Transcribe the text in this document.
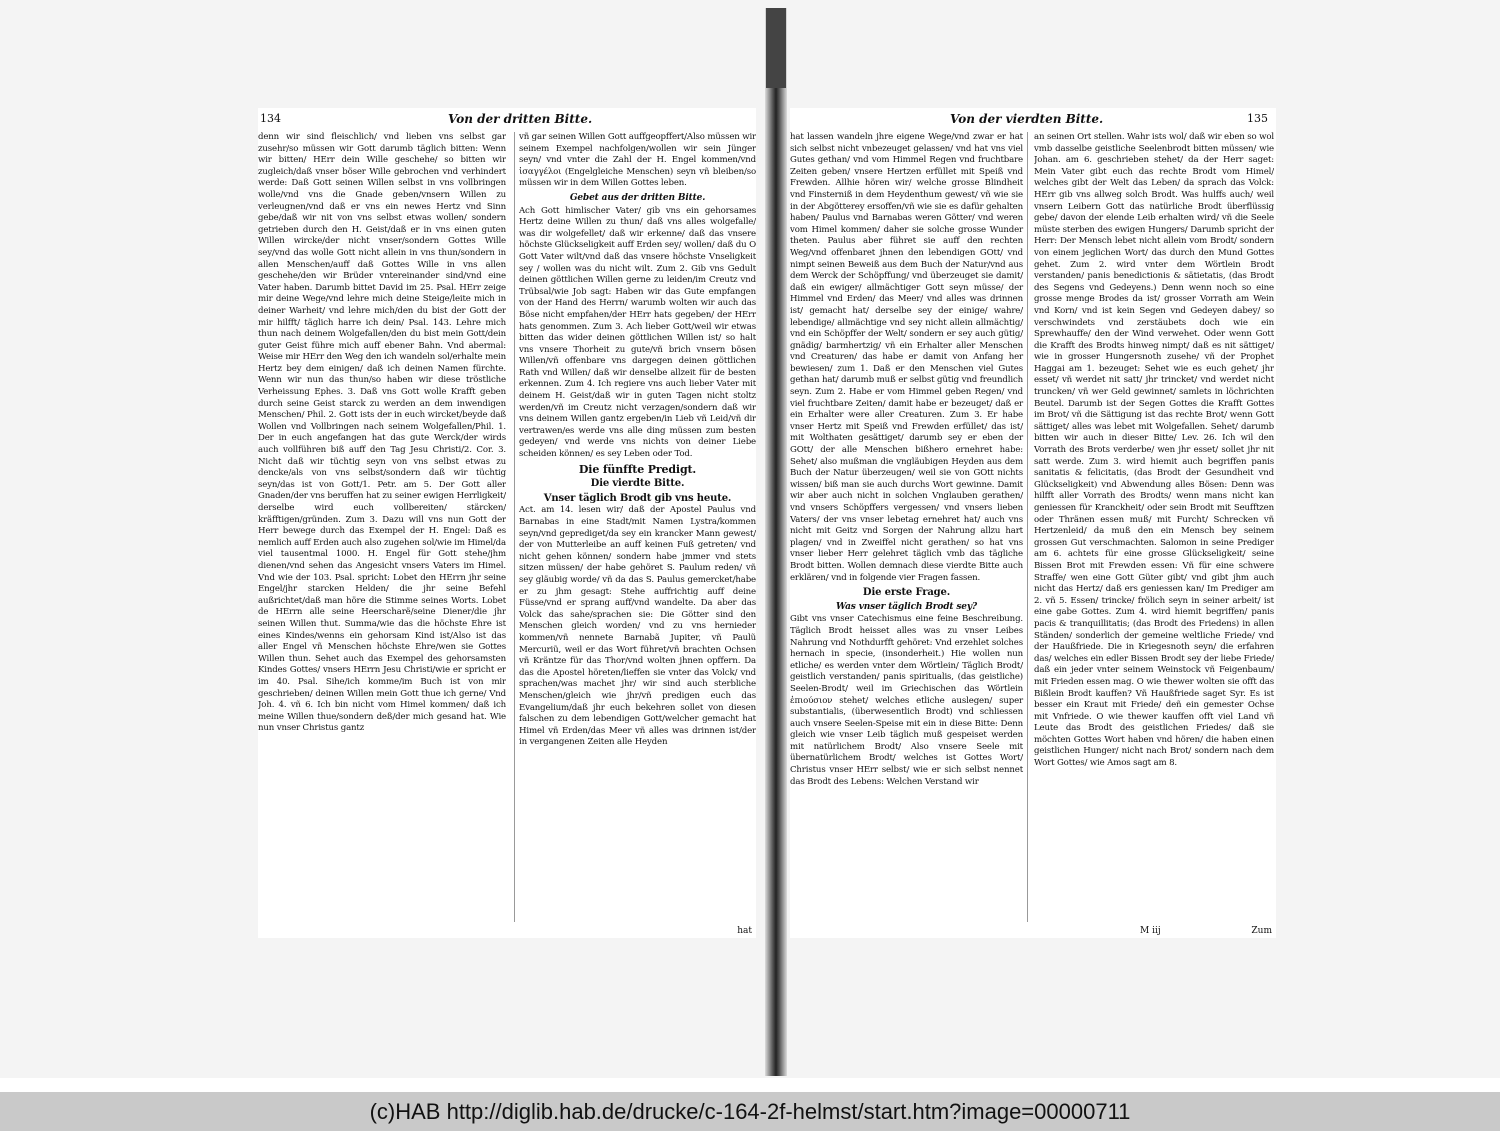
134	Von der dritten Bitte.

denn wir sind fleischlich/ vnd lieben vns selbst gar zusehr/so müssen wir Gott darumb täglich bitten: Wenn wir bitten/ HErr dein Wille geschehe/ so bitten wir zugleich/daß vnser böser Wille gebrochen vnd verhindert werde: Daß Gott seinen Willen selbst in vns vollbringen wolle/vnd vns die Gnade geben/vnsern Willen zu verleugnen/vnd daß er vns ein newes Hertz vnd Sinn gebe/daß wir nit von vns selbst etwas wollen/ sondern getrieben durch den H. Geist/daß er in vns einen guten Willen wircke/der nicht vnser/sondern Gottes Wille sey/vnd das wolle Gott nicht allein in vns thun/sondern in allen Menschen/auff daß Gottes Wille in vns allen geschehe/den wir Brüder vntereinander sind/vnd eine Vater haben. Darumb bittet David im 25. Psal. HErr zeige mir deine Wege/vnd lehre mich deine Steige/leite mich in deiner Warheit/ vnd lehre mich/den du bist der Gott der mir hilfft/ täglich harre ich dein/ Psal. 143. Lehre mich thun nach deinem Wolgefallen/den du bist mein Gott/dein guter Geist führe mich auff ebener Bahn. Vnd abermal: Weise mir HErr den Weg den ich wandeln sol/erhalte mein Hertz bey dem einigen/ daß ich deinen Namen fürchte. Wenn wir nun das thun/so haben wir diese tröstliche Verheissung Ephes. 3. Daß vns Gott wolle Krafft geben durch seine Geist starck zu werden an dem inwendigen Menschen/ Phil. 2. Gott ists der in euch wircket/beyde daß Wollen vnd Vollbringen nach seinem Wolgefallen/Phil. 1. Der in euch angefangen hat das gute Werck/der wirds auch vollführen biß auff den Tag Jesu Christi/2. Cor. 3. Nicht daß wir tüchtig seyn von vns selbst etwas zu dencke/als von vns selbst/sondern daß wir tüchtig seyn/das ist von Gott/1. Petr. am 5. Der Gott aller Gnaden/der vns beruffen hat zu seiner ewigen Herrligkeit/ derselbe wird euch vollbereiten/ stärcken/ kräfftigen/gründen. Zum 3. Dazu will vns nun Gott der Herr bewege durch das Exempel der H. Engel: Daß es nemlich auff Erden auch also zugehen sol/wie im Himel/da viel tausentmal 1000. H. Engel für Gott stehe/jhm dienen/vnd sehen das Angesicht vnsers Vaters im Himel. Vnd wie der 103. Psal. spricht: Lobet den HErrn jhr seine Engel/jhr starcken Helden/ die jhr seine Befehl außrichtet/daß man höre die Stimme seines Worts. Lobet de HErrn alle seine Heerscharë/seine Diener/die jhr seinen Willen thut. Summa/wie das die höchste Ehre ist eines Kindes/wenns ein gehorsam Kind ist/Also ist das aller Engel vñ Menschen höchste Ehre/wen sie Gottes Willen thun. Sehet auch das Exempel des gehorsamsten Kindes Gottes/ vnsers HErrn Jesu Christi/wie er spricht er im 40. Psal. Sihe/ich komme/im Buch ist von mir geschrieben/ deinen Willen mein Gott thue ich gerne/ Vnd Joh. 4. vñ 6. Ich bin nicht vom Himel kommen/ daß ich meine Willen thue/sondern deß/der mich gesand hat. Wie nun vnser Christus gantz

vñ gar seinen Willen Gott auffgeopffert/Also müssen wir seinem Exempel nachfolgen/wollen wir sein Jünger seyn/ vnd vnter die Zahl der H. Engel kommen/vnd ἰσαγγέλοι (Engelgleiche Menschen) seyn vñ bleiben/so müssen wir in dem Willen Gottes leben.

Gebet aus der dritten Bitte.

Ach Gott himlischer Vater/ gib vns ein gehorsames Hertz deine Willen zu thun/ daß vns alles wolgefalle/ was dir wolgefellet/ daß wir erkenne/ daß das vnsere höchste Glückseligkeit auff Erden sey/ wollen/ daß du O Gott Vater wilt/vnd daß das vnsere höchste Vnseligkeit sey / wollen was du nicht wilt. Zum 2. Gib vns Gedult deinen göttlichen Willen gerne zu leiden/im Creutz vnd Trübsal/wie Job sagt: Haben wir das Gute empfangen von der Hand des Herrn/ warumb wolten wir auch das Böse nicht empfahen/der HErr hats gegeben/ der HErr hats genommen. Zum 3. Ach lieber Gott/weil wir etwas bitten das wider deinen göttlichen Willen ist/ so halt vns vnsere Thorheit zu gute/vñ brich vnsern bösen Willen/vñ offenbare vns dargegen deinen göttlichen Rath vnd Willen/ daß wir denselbe allzeit für de besten erkennen. Zum 4. Ich regiere vns auch lieber Vater mit deinem H. Geist/daß wir in guten Tagen nicht stoltz werden/vñ im Creutz nicht verzagen/sondern daß wir vns deinem Willen gantz ergeben/in Lieb vñ Leid/vñ dir vertrawen/es werde vns alle ding müssen zum besten gedeyen/ vnd werde vns nichts von deiner Liebe scheiden können/ es sey Leben oder Tod.

Die fünffte Predigt.
Die vierdte Bitte.
Vnser täglich Brodt gib vns heute.

Act. am 14. lesen wir/ daß der Apostel Paulus vnd Barnabas in eine Stadt/mit Namen Lystra/kommen seyn/vnd geprediget/da sey ein krancker Mann gewest/ der von Mutterleibe an auff keinen Fuß getreten/ vnd nicht gehen können/ sondern habe jmmer vnd stets sitzen müssen/ der habe gehöret S. Paulum reden/ vñ sey gläubig worde/ vñ da das S. Paulus gemercket/habe er zu jhm gesagt: Stehe auffrichtig auff deine Füsse/vnd er sprang auff/vnd wandelte. Da aber das Volck das sahe/sprachen sie: Die Götter sind den Menschen gleich worden/ vnd zu vns hernieder kommen/vñ nennete Barnabã Jupiter, vñ Paulũ Mercuriũ, weil er das Wort führet/vñ brachten Ochsen vñ Kräntze für das Thor/vnd wolten jhnen opffern. Da das die Apostel höreten/lieffen sie vnter das Volck/ vnd sprachen/was machet jhr/ wir sind auch sterbliche Menschen/gleich wie jhr/vñ predigen euch das Evangelium/daß jhr euch bekehren sollet von diesen falschen zu dem lebendigen Gott/welcher gemacht hat Himel vñ Erden/das Meer vñ alles was drinnen ist/der in vergangenen Zeiten alle Heyden

hat
Von der vierdten Bitte.	135

hat lassen wandeln jhre eigene Wege/vnd zwar er hat sich selbst nicht vnbezeuget gelassen/ vnd hat vns viel Gutes gethan/ vnd vom Himmel Regen vnd fruchtbare Zeiten geben/ vnsere Hertzen erfüllet mit Speiß vnd Frewden. Allhie hören wir/ welche grosse Blindheit vnd Finsterniß in dem Heydenthum gewest/ vñ wie sie in der Abgötterey ersoffen/vñ wie sie es dafür gehalten haben/ Paulus vnd Barnabas weren Götter/ vnd weren vom Himel kommen/ daher sie solche grosse Wunder theten. Paulus aber führet sie auff den rechten Weg/vnd offenbaret jhnen den lebendigen GOtt/ vnd nimpt seinen Beweiß aus dem Buch der Natur/vnd aus dem Werck der Schöpffung/ vnd überzeuget sie damit/ daß ein ewiger/ allmächtiger Gott seyn müsse/ der Himmel vnd Erden/ das Meer/ vnd alles was drinnen ist/ gemacht hat/ derselbe sey der einige/ wahre/ lebendige/ allmächtige vnd sey nicht allein allmächtig/ vnd ein Schöpffer der Welt/ sondern er sey auch gütig/ gnädig/ barmhertzig/ vñ ein Erhalter aller Menschen vnd Creaturen/ das habe er damit von Anfang her bewiesen/ zum 1. Daß er den Menschen viel Gutes gethan hat/ darumb muß er selbst gütig vnd freundlich seyn. Zum 2. Habe er vom Himmel geben Regen/ vnd viel fruchtbare Zeiten/ damit habe er bezeuget/ daß er ein Erhalter were aller Creaturen. Zum 3. Er habe vnser Hertz mit Speiß vnd Frewden erfüllet/ das ist/ mit Wolthaten gesättiget/ darumb sey er eben der GOtt/ der alle Menschen bißhero ernehret habe: Sehet/ also mußman die vngläubigen Heyden aus dem Buch der Natur überzeugen/ weil sie von GOtt nichts wissen/ biß man sie auch durchs Wort gewinne. Damit wir aber auch nicht in solchen Vnglauben gerathen/ vnd vnsers Schöpffers vergessen/ vnd vnsers lieben Vaters/ der vns vnser lebetag ernehret hat/ auch vns nicht mit Geitz vnd Sorgen der Nahrung allzu hart plagen/ vnd in Zweiffel nicht gerathen/ so hat vns vnser lieber Herr gelehret täglich vmb das tägliche Brodt bitten. Wollen demnach diese vierdte Bitte auch erklären/ vnd in folgende vier Fragen fassen.

Die erste Frage.
Was vnser täglich Brodt sey?

Gibt vns vnser Catechismus eine feine Beschreibung. Täglich Brodt heisset alles was zu vnser Leibes Nahrung vnd Nothdurfft gehöret: Vnd erzehlet solches hernach in specie, (insonderheit.) Hie wollen nun etliche/ es werden vnter dem Wörtlein/ Täglich Brodt/ geistlich verstanden/ panis spiritualis, (das geistliche) Seelen-Brodt/ weil im Griechischen das Wörtlein ἐπιούσιον stehet/ welches etliche auslegen/ super substantialis, (überwesentlich Brodt) vnd schliessen auch vnsere Seelen-Speise mit ein in diese Bitte: Denn gleich wie vnser Leib täglich muß gespeiset werden mit natürlichem Brodt/ Also vnsere Seele mit übernatürlichem Brodt/ welches ist Gottes Wort/ Christus vnser HErr selbst/ wie er sich selbst nennet das Brodt des Lebens: Welchen Verstand wir

an seinen Ort stellen. Wahr ists wol/ daß wir eben so wol vmb dasselbe geistliche Seelenbrodt bitten müssen/ wie Johan. am 6. geschrieben stehet/ da der Herr saget: Mein Vater gibt euch das rechte Brodt vom Himel/ welches gibt der Welt das Leben/ da sprach das Volck: HErr gib vns allweg solch Brodt. Was hulffs auch/ weil vnsern Leibern Gott das natürliche Brodt überflüssig gebe/ davon der elende Leib erhalten wird/ vñ die Seele müste sterben des ewigen Hungers/ Darumb spricht der Herr: Der Mensch lebet nicht allein vom Brodt/ sondern von einem jeglichen Wort/ das durch den Mund Gottes gehet. Zum 2. wird vnter dem Wörtlein Brodt verstanden/ panis benedictionis & sätietatis, (das Brodt des Segens vnd Gedeyens.) Denn wenn noch so eine grosse menge Brodes da ist/ grosser Vorrath am Wein vnd Korn/ vnd ist kein Segen vnd Gedeyen dabey/ so verschwindets vnd zerstäubets doch wie ein Sprewhauffe/ den der Wind verwehet. Oder wenn Gott die Krafft des Brodts hinweg nimpt/ daß es nit sättiget/ wie in grosser Hungersnoth zusehe/ vñ der Prophet Haggai am 1. bezeuget: Sehet wie es euch gehet/ jhr esset/ vñ werdet nit satt/ jhr trincket/ vnd werdet nicht truncken/ vñ wer Geld gewinnet/ samlets in löchrichten Beutel. Darumb ist der Segen Gottes die Krafft Gottes im Brot/ vñ die Sättigung ist das rechte Brot/ wenn Gott sättiget/ alles was lebet mit Wolgefallen. Sehet/ darumb bitten wir auch in dieser Bitte/ Lev. 26. Ich wil den Vorrath des Brots verderbe/ wen jhr esset/ sollet jhr nit satt werde. Zum 3. wird hiemit auch begriffen panis sanitatis & felicitatis, (das Brodt der Gesundheit vnd Glückseligkeit) vnd Abwendung alles Bösen: Denn was hilfft aller Vorrath des Brodts/ wenn mans nicht kan geniessen für Kranckheit/ oder sein Brodt mit Seufftzen oder Thränen essen muß/ mit Furcht/ Schrecken vñ Hertzenleid/ da muß den ein Mensch bey seinem grossen Gut verschmachten. Salomon in seine Prediger am 6. achtets für eine grosse Glückseligkeit/ seine Bissen Brot mit Frewden essen: Vñ für eine schwere Straffe/ wen eine Gott Güter gibt/ vnd gibt jhm auch nicht das Hertz/ daß ers geniessen kan/ Im Prediger am 2. vñ 5. Essen/ trincke/ frölich seyn in seiner arbeit/ ist eine gabe Gottes. Zum 4. wird hiemit begriffen/ panis pacis & tranquillitatis; (das Brodt des Friedens) in allen Ständen/ sonderlich der gemeine weltliche Friede/ vnd der Haußfriede. Die in Kriegesnoth seyn/ die erfahren das/ welches ein edler Bissen Brodt sey der liebe Friede/ daß ein jeder vnter seinem Weinstock vñ Feigenbaum/ mit Frieden essen mag. O wie thewer wolten sie offt das Bißlein Brodt kauffen? Vñ Haußfriede saget Syr. Es ist besser ein Kraut mit Friede/ deñ ein gemester Ochse mit Vnfriede. O wie thewer kauffen offt viel Land vñ Leute das Brodt des geistlichen Friedes/ daß sie möchten Gottes Wort haben vnd hören/ die haben einen geistlichen Hunger/ nicht nach Brot/ sondern nach dem Wort Gottes/ wie Amos sagt am 8.

M iij	Zum
(c)HAB http://diglib.hab.de/drucke/c-164-2f-helmst/start.htm?image=00000711
